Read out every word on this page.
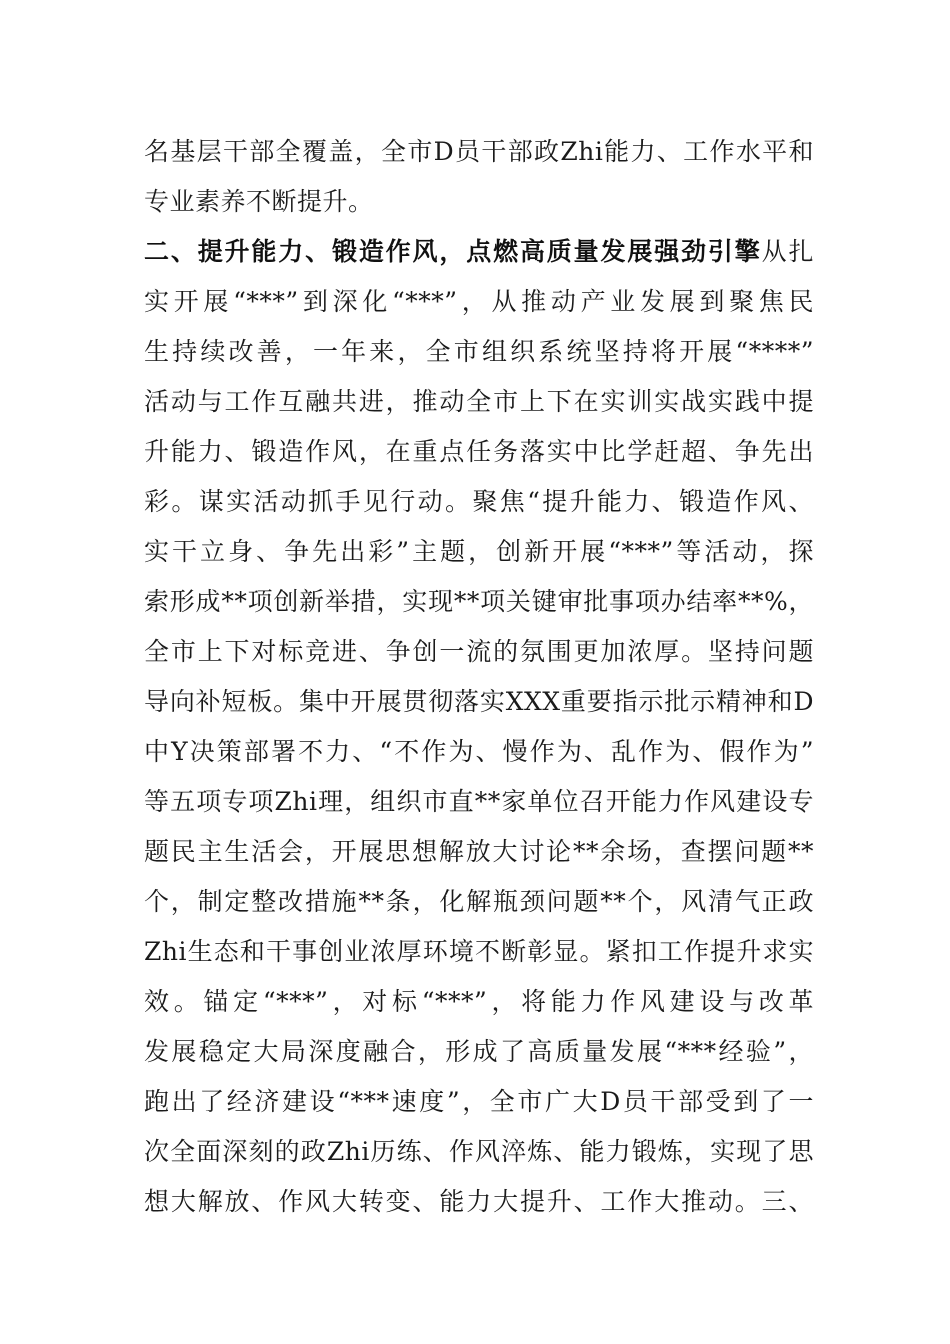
名基层干部全覆盖，全市D员干部政Zhi能力、工作水平和
专业素养不断提升。
二、提升能力、锻造作风，点燃高质量发展强劲引擎从扎
实开展“***”到深化“***”，从推动产业发展到聚焦民
生持续改善，一年来，全市组织系统坚持将开展“****”
活动与工作互融共进，推动全市上下在实训实战实践中提
升能力、锻造作风，在重点任务落实中比学赶超、争先出
彩。谋实活动抓手见行动。聚焦“提升能力、锻造作风、
实干立身、争先出彩”主题，创新开展“***”等活动，探
索形成**项创新举措，实现**项关键审批事项办结率**%，
全市上下对标竞进、争创一流的氛围更加浓厚。坚持问题
导向补短板。集中开展贯彻落实XXX重要指示批示精神和D
中Y决策部署不力、“不作为、慢作为、乱作为、假作为”
等五项专项Zhi理，组织市直**家单位召开能力作风建设专
题民主生活会，开展思想解放大讨论**余场，查摆问题**
个，制定整改措施**条，化解瓶颈问题**个，风清气正政
Zhi生态和干事创业浓厚环境不断彰显。紧扣工作提升求实
效。锚定“***”，对标“***”，将能力作风建设与改革
发展稳定大局深度融合，形成了高质量发展“***经验”，
跑出了经济建设“***速度”，全市广大D员干部受到了一
次全面深刻的政Zhi历练、作风淬炼、能力锻炼，实现了思
想大解放、作风大转变、能力大提升、工作大推动。三、
